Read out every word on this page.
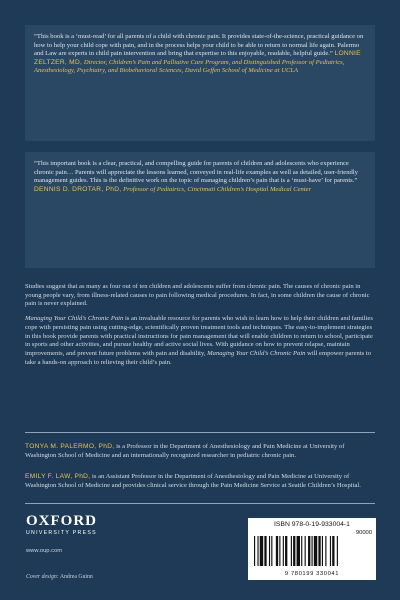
“This book is a ‘must-read’ for all parents of a child with chronic pain. It provides state-of-the-science, practical guidance on how to help your child cope with pain, and in the process helps your child to be able to return to normal life again. Palermo and Law are experts in child pain intervention and bring that expertise to this enjoyable, readable, helpful guide.” LONNIE ZELTZER, MD, Director, Children’s Pain and Palliative Care Program, and Distinguished Professor of Pediatrics, Anesthesiology, Psychiatry, and Biobehavioral Sciences, David Geffen School of Medicine at UCLA

“This important book is a clear, practical, and compelling guide for parents of children and adolescents who experience chronic pain… Parents will appreciate the lessons learned, conveyed in real-life examples as well as detailed, user-friendly management guides. This is the definitive work on the topic of managing children’s pain that is a ‘must-have’ for parents.” DENNIS D. DROTAR, PhD, Professor of Pediatrics, Cincinnati Children’s Hospital Medical Center

Studies suggest that as many as four out of ten children and adolescents suffer from chronic pain. The causes of chronic pain in young people vary, from illness-related causes to pain following medical procedures. In fact, in some children the cause of chronic pain is never explained.

Managing Your Child’s Chronic Pain is an invaluable resource for parents who wish to learn how to help their children and families cope with persisting pain using cutting-edge, scientifically proven treatment tools and techniques. The easy-to-implement strategies in this book provide parents with practical instructions for pain management that will enable children to return to school, participate in sports and other activities, and pursue healthy and active social lives. With guidance on how to prevent relapse, maintain improvements, and prevent future problems with pain and disability, Managing Your Child’s Chronic Pain will empower parents to take a hands-on approach to relieving their child’s pain.

TONYA M. PALERMO, PhD, is a Professor in the Department of Anesthesiology and Pain Medicine at University of Washington School of Medicine and an internationally recognized researcher in pediatric chronic pain.
EMILY F. LAW, PhD, is an Assistant Professor in the Department of Anesthesiology and Pain Medicine at University of Washington School of Medicine and provides clinical service through the Pain Medicine Service at Seattle Children’s Hospital.
OXFORD
UNIVERSITY PRESS
www.oup.com
Cover design: Andrea Guinn
ISBN 978-0-19-933004-1
90000
9 780199 330041
